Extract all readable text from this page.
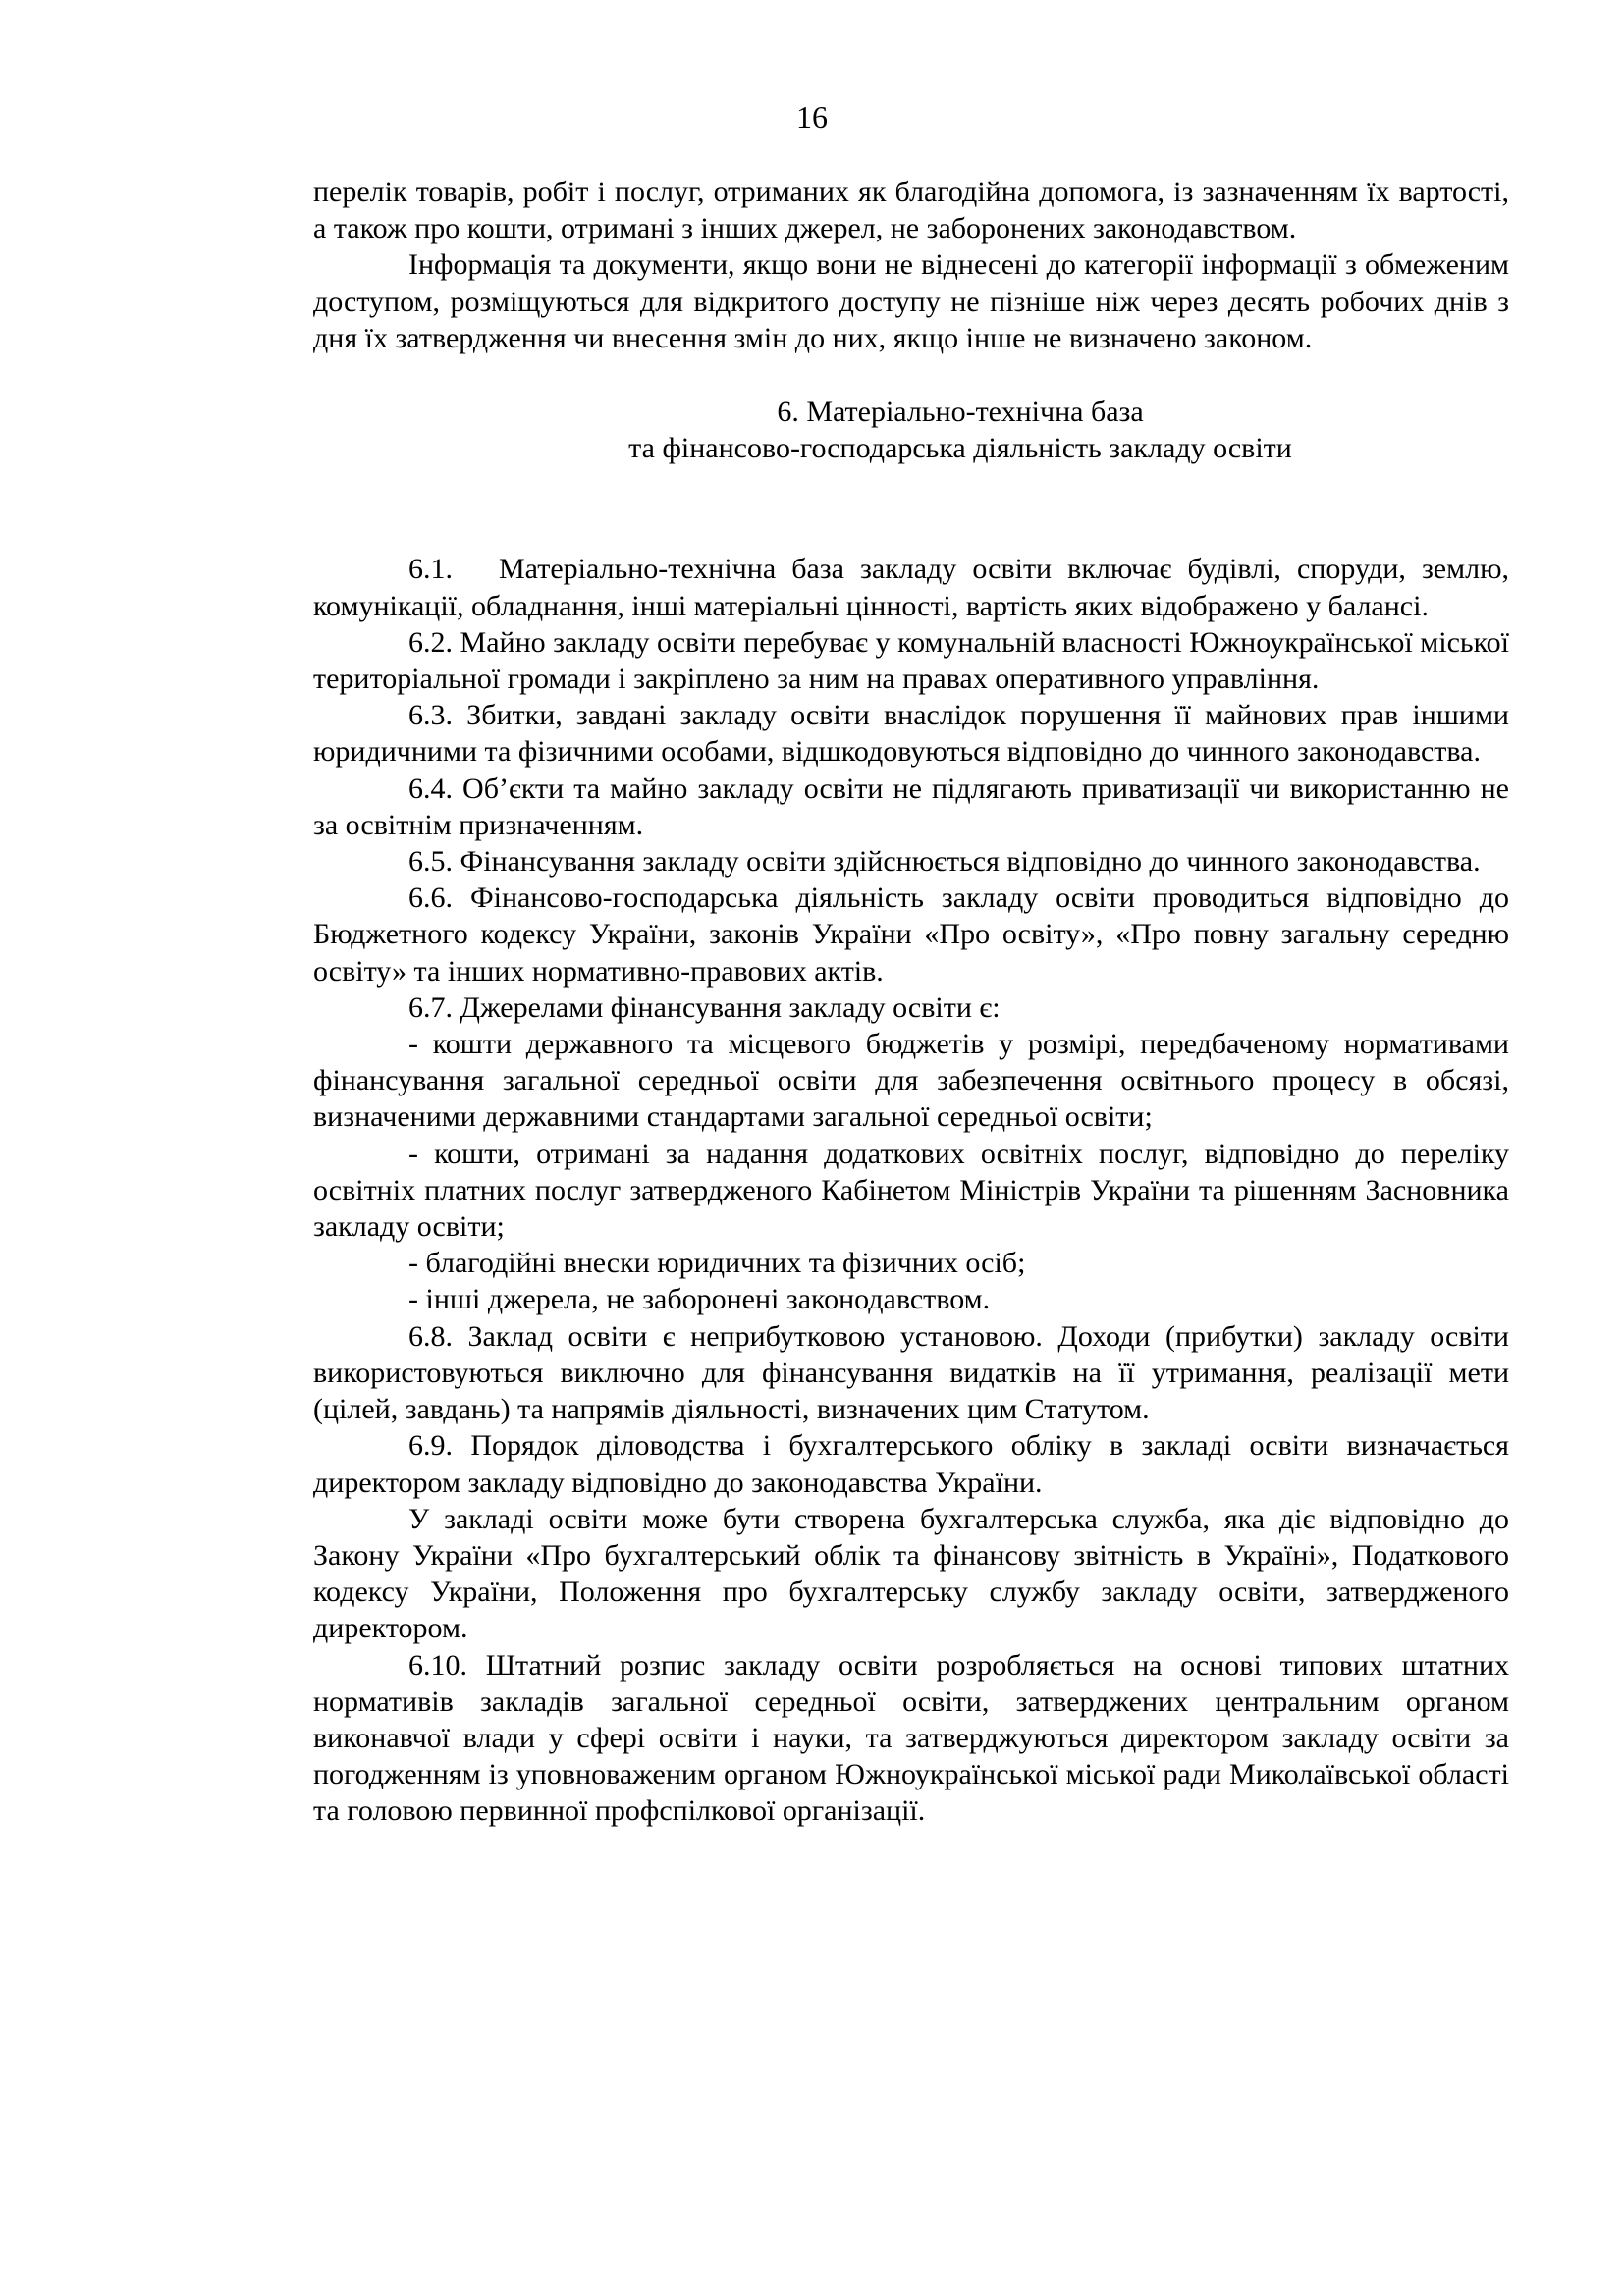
16

перелік товарів, робіт і послуг, отриманих як благодійна допомога, із зазначенням їх вартості, а також про кошти, отримані з інших джерел, не заборонених законодавством.

Інформація та документи, якщо вони не віднесені до категорії інформації з обмеженим доступом, розміщуються для відкритого доступу не пізніше ніж через десять робочих днів з дня їх затвердження чи внесення змін до них, якщо інше не визначено законом.

6. Матеріально-технічна база

та фінансово-господарська діяльність закладу освіти

6.1. Матеріально-технічна база закладу освіти включає будівлі, споруди, землю, комунікації, обладнання, інші матеріальні цінності, вартість яких відображено у балансі.

6.2. Майно закладу освіти перебуває у комунальній власності Южноукраїнської міської територіальної громади і закріплено за ним на правах оперативного управління.

6.3. Збитки, завдані закладу освіти внаслідок порушення її майнових прав іншими юридичними та фізичними особами, відшкодовуються відповідно до чинного законодавства.

6.4. Об’єкти та майно закладу освіти не підлягають приватизації чи використанню не за освітнім призначенням.

6.5. Фінансування закладу освіти здійснюється відповідно до чинного законодавства.

6.6. Фінансово-господарська діяльність закладу освіти проводиться відповідно до Бюджетного кодексу України, законів України «Про освіту», «Про повну загальну середню освіту» та інших нормативно-правових актів.

6.7. Джерелами фінансування закладу освіти є:

- кошти державного та місцевого бюджетів у розмірі, передбаченому нормативами фінансування загальної середньої освіти для забезпечення освітнього процесу в обсязі, визначеними державними стандартами загальної середньої освіти;

- кошти, отримані за надання додаткових освітніх послуг, відповідно до переліку освітніх платних послуг затвердженого Кабінетом Міністрів України та рішенням Засновника закладу освіти;

- благодійні внески юридичних та фізичних осіб;

- інші джерела, не заборонені законодавством.

6.8. Заклад освіти є неприбутковою установою. Доходи (прибутки) закладу освіти використовуються виключно для фінансування видатків на її утримання, реалізації мети (цілей, завдань) та напрямів діяльності, визначених цим Статутом.

6.9. Порядок діловодства і бухгалтерського обліку в закладі освіти визначається директором закладу відповідно до законодавства України.

У закладі освіти може бути створена бухгалтерська служба, яка діє відповідно до Закону України «Про бухгалтерський облік та фінансову звітність в Україні», Податкового кодексу України, Положення про бухгалтерську службу закладу освіти, затвердженого директором.

6.10. Штатний розпис закладу освіти розробляється на основі типових штатних нормативів закладів загальної середньої освіти, затверджених центральним органом виконавчої влади у сфері освіти і науки, та затверджуються директором закладу освіти за погодженням із уповноваженим органом Южноукраїнської міської ради Миколаївської області та головою первинної профспілкової організації.
